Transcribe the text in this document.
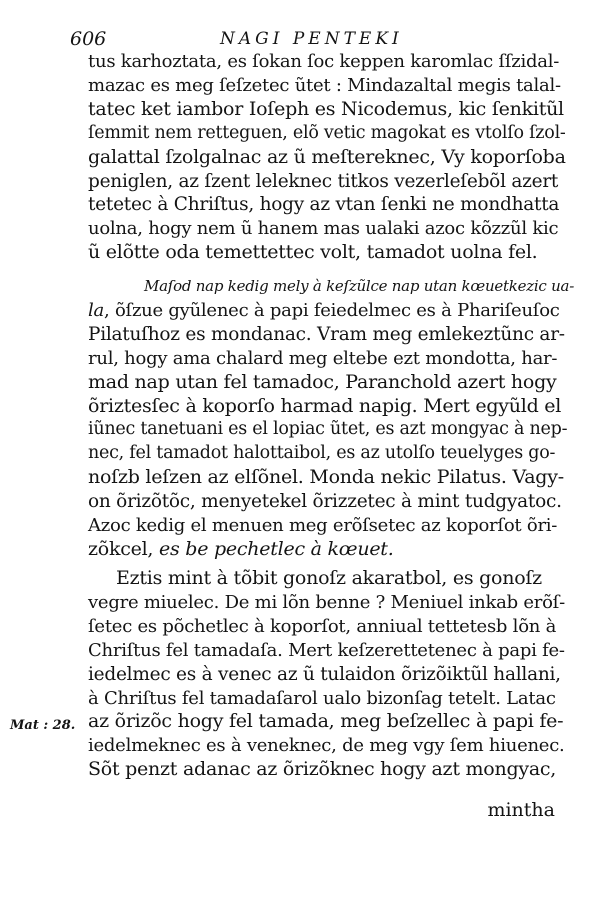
606	NAGI PENTEKI
tus karhoztata, es ſokan ſoc keppen karomlac ſſzidal-
mazac es meg ſeſzetec ũtet : Mindazaltal megis talal-
tatec ket iambor Ioſeph es Nicodemus, kic ſenkitũl
ſemmit nem retteguen, elõ vetic magokat es vtolſo ſzol-
galattal ſzolgalnac az ũ meſtereknec, Vy koporſoba
peniglen, az ſzent leleknec titkos vezerleſebõl azert
tetetec à Chriſtus, hogy az vtan ſenki ne mondhatta
uolna, hogy nem ũ hanem mas ualaki azoc kõzzũl kic
ũ elõtte oda temettettec volt, tamadot uolna fel.
Maſod nap kedig mely à keſzũlce nap utan kœuetkezic ua-
la, õſzue gyũlenec à papi feiedelmec es à Phariſeuſoc
Pilatuſhoz es mondanac. Vram meg emlekeztũnc ar-
rul, hogy ama chalard meg eltebe ezt mondotta, har-
mad nap utan fel tamadoc, Paranchold azert hogy
õriztesſec à koporſo harmad napig. Mert egyũld el
iũnec tanetuani es el lopiac ũtet, es azt mongyac à nep-
nec, fel tamadot halottaibol, es az utolſo teuelyges go-
noſzb leſzen az elſõnel. Monda nekic Pilatus. Vagy-
on õrizõtõc, menyetekel õrizzetec à mint tudgyatoc.
Azoc kedig el menuen meg erõſsetec az koporſot õri-
zõkcel, es be pechetlec à kœuet.
Eztis mint à tõbit gonoſz akaratbol, es gonoſz
vegre miuelec. De mi lõn benne ? Meniuel inkab erõſ-
ſetec es põchetlec à koporſot, anniual tettetesb lõn à
Chriſtus fel tamadaſa. Mert keſzerettetenec à papi fe-
iedelmec es à venec az ũ tulaidon õrizõiktũl hallani,
à Chriſtus fel tamadaſarol ualo bizonſag tetelt. Latac
az õrizõc hogy fel tamada, meg beſzellec à papi fe-
iedelmeknec es à veneknec, de meg vgy ſem hiuenec.
Sõt penzt adanac az õrizõknec hogy azt mongyac,
Mat : 28.
mintha
